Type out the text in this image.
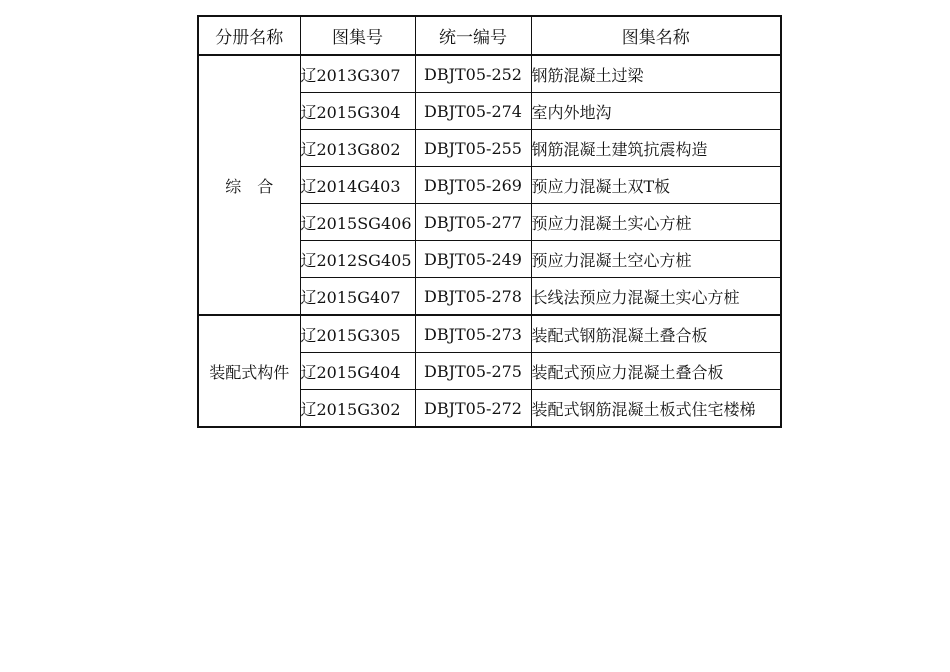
分册名称	图集号	统一编号	图集名称
综　合	辽2013G307	DBJT05-252	钢筋混凝土过梁
	辽2015G304	DBJT05-274	室内外地沟
	辽2013G802	DBJT05-255	钢筋混凝土建筑抗震构造
	辽2014G403	DBJT05-269	预应力混凝土双T板
	辽2015SG406	DBJT05-277	预应力混凝土实心方桩
	辽2012SG405	DBJT05-249	预应力混凝土空心方桩
	辽2015G407	DBJT05-278	长线法预应力混凝土实心方桩
装配式构件	辽2015G305	DBJT05-273	装配式钢筋混凝土叠合板
	辽2015G404	DBJT05-275	装配式预应力混凝土叠合板
	辽2015G302	DBJT05-272	装配式钢筋混凝土板式住宅楼梯
